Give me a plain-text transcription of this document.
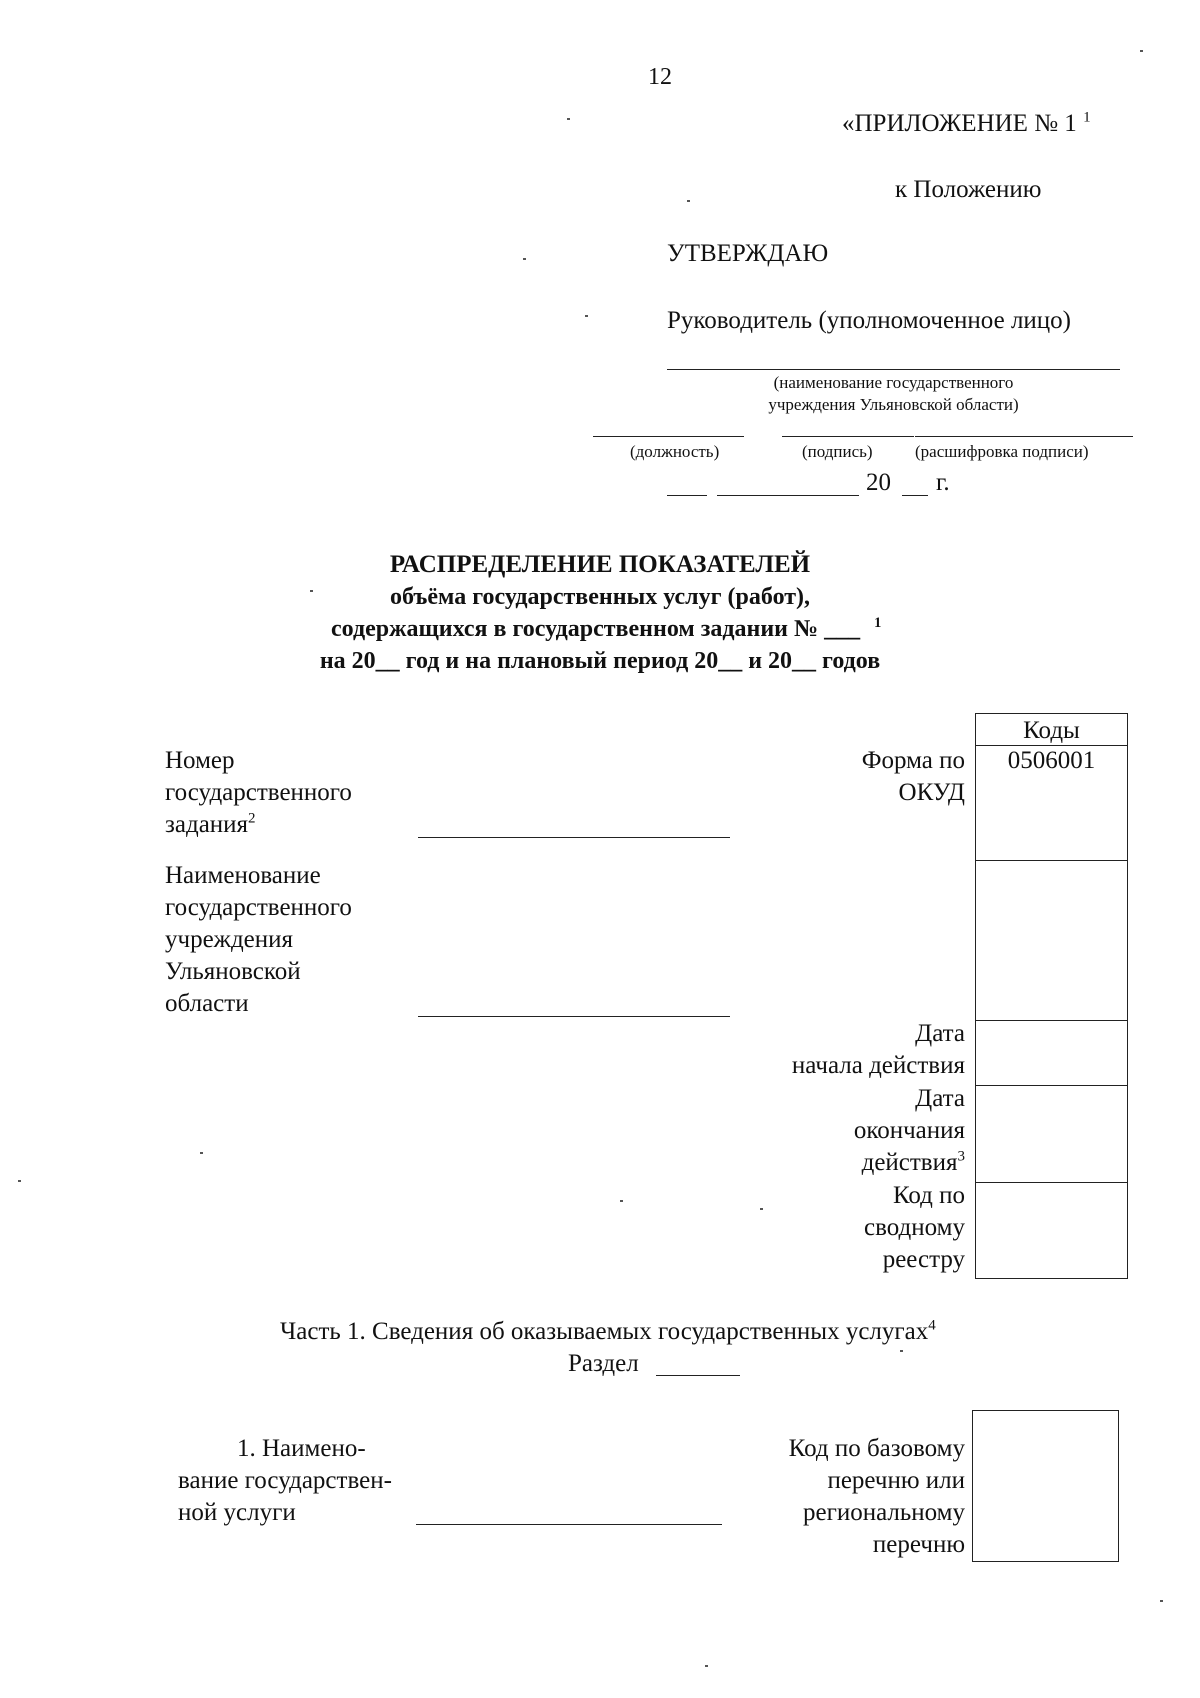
12
«ПРИЛОЖЕНИЕ № 1 $^1$
к Положению
УТВЕРЖДАЮ
Руководитель (уполномоченное лицо)
(наименование государственного
учреждения Ульяновской области)
(должность)	(подпись) (расшифровка подписи)
20 г.
РАСПРЕДЕЛЕНИЕ ПОКАЗАТЕЛЕЙ
объёма государственных услуг (работ),
содержащихся в государственном задании № ___ $^1$
на 20__ год и на плановый период 20__ и 20__ годов
Коды
0506001
Форма по
ОКУД
Дата
начала действия
Дата
окончания
действия$^3$
Код по
сводному
реестру
Номер
государственного
задания$^2$
Наименование
государственного
учреждения
Ульяновской
области
Часть 1. Сведения об оказываемых государственных услугах$^4$
Раздел
1. Наимено-
вание государствен-
ной услуги
Код по базовому
перечню или
региональному
перечню
